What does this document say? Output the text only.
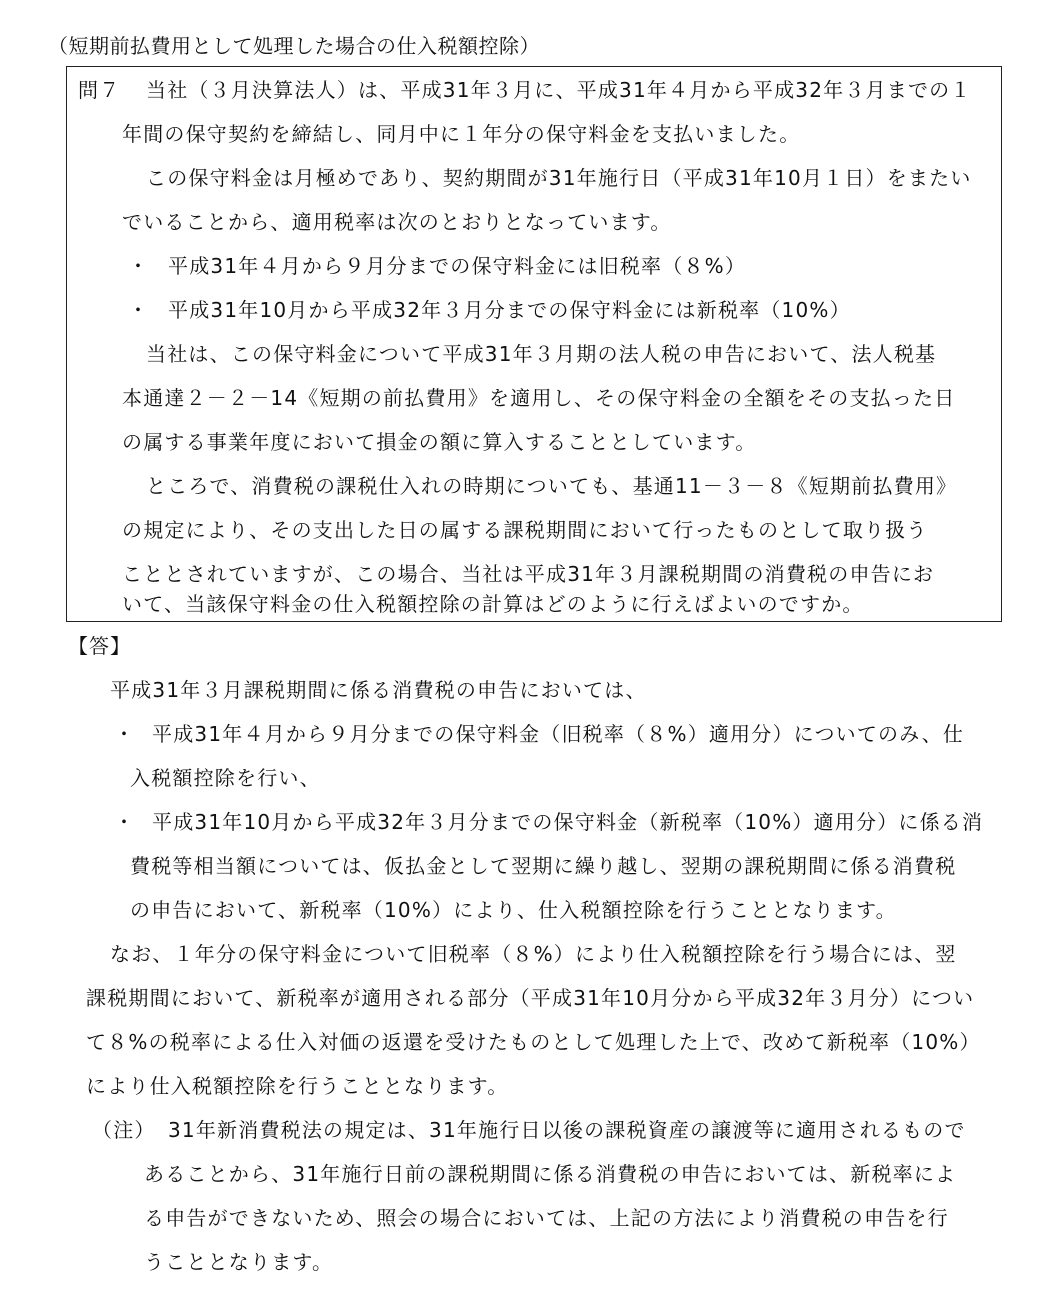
（短期前払費用として処理した場合の仕入税額控除）
問７ 当社（３月決算法人）は、平成31年３月に、平成31年４月から平成32年３月までの１
年間の保守契約を締結し、同月中に１年分の保守料金を支払いました。
この保守料金は月極めであり、契約期間が31年施行日（平成31年10月１日）をまたい
でいることから、適用税率は次のとおりとなっています。
・ 平成31年４月から９月分までの保守料金には旧税率（８%）
・ 平成31年10月から平成32年３月分までの保守料金には新税率（10%）
当社は、この保守料金について平成31年３月期の法人税の申告において、法人税基
本通達２－２－14《短期の前払費用》を適用し、その保守料金の全額をその支払った日
の属する事業年度において損金の額に算入することとしています。
ところで、消費税の課税仕入れの時期についても、基通11－３－８《短期前払費用》
の規定により、その支出した日の属する課税期間において行ったものとして取り扱う
こととされていますが、この場合、当社は平成31年３月課税期間の消費税の申告にお
いて、当該保守料金の仕入税額控除の計算はどのように行えばよいのですか。
【答】
平成31年３月課税期間に係る消費税の申告においては、
・ 平成31年４月から９月分までの保守料金（旧税率（８%）適用分）についてのみ、仕
入税額控除を行い、
・ 平成31年10月から平成32年３月分までの保守料金（新税率（10%）適用分）に係る消
費税等相当額については、仮払金として翌期に繰り越し、翌期の課税期間に係る消費税
の申告において、新税率（10%）により、仕入税額控除を行うこととなります。
なお、１年分の保守料金について旧税率（８%）により仕入税額控除を行う場合には、翌
課税期間において、新税率が適用される部分（平成31年10月分から平成32年３月分）につい
て８%の税率による仕入対価の返還を受けたものとして処理した上で、改めて新税率（10%）
により仕入税額控除を行うこととなります。
（注） 31年新消費税法の規定は、31年施行日以後の課税資産の譲渡等に適用されるもので
あることから、31年施行日前の課税期間に係る消費税の申告においては、新税率によ
る申告ができないため、照会の場合においては、上記の方法により消費税の申告を行
うこととなります。
